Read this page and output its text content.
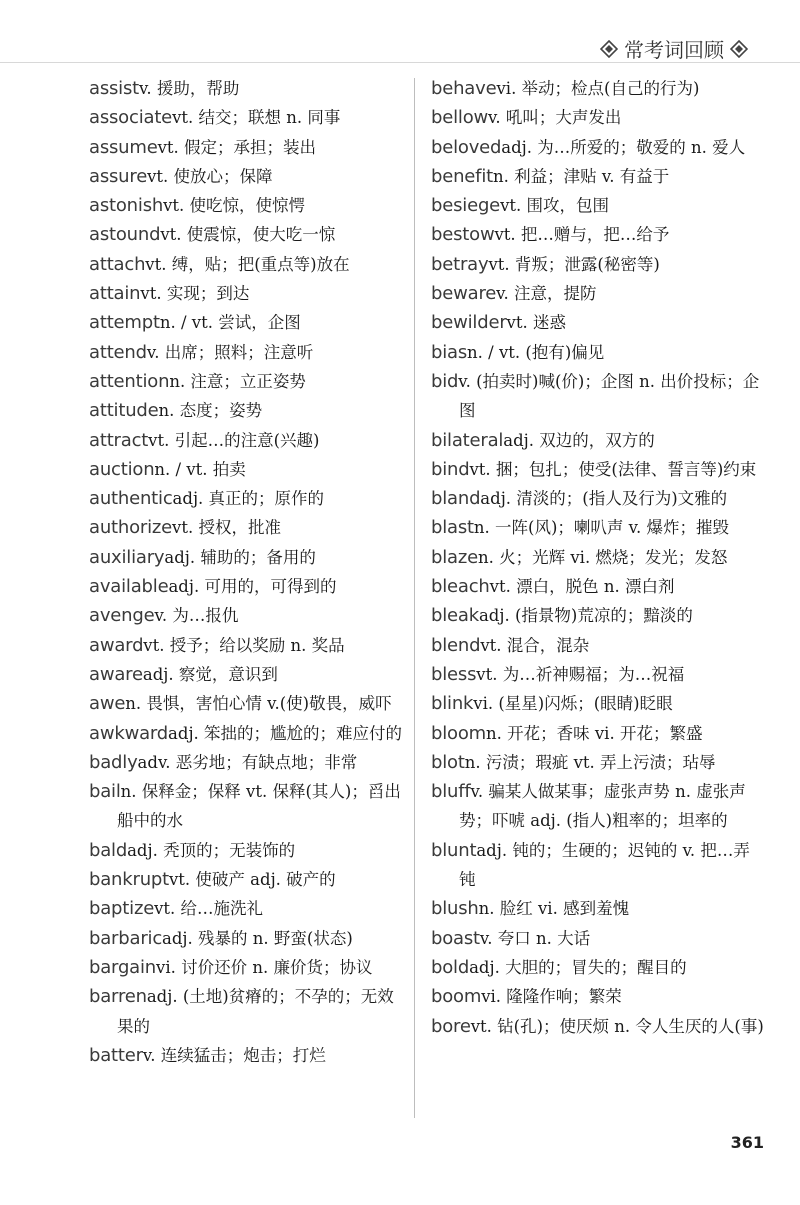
常考词回顾
assistv. 援助，帮助
associatevt. 结交；联想 n. 同事
assumevt. 假定；承担；装出
assurevt. 使放心；保障
astonishvt. 使吃惊，使惊愕
astoundvt. 使震惊，使大吃一惊
attachvt. 缚，贴；把(重点等)放在
attainvt. 实现；到达
attemptn. / vt. 尝试，企图
attendv. 出席；照料；注意听
attentionn. 注意；立正姿势
attituden. 态度；姿势
attractvt. 引起…的注意(兴趣)
auctionn. / vt. 拍卖
authenticadj. 真正的；原作的
authorizevt. 授权，批准
auxiliaryadj. 辅助的；备用的
availableadj. 可用的，可得到的
avengev. 为…报仇
awardvt. 授予；给以奖励 n. 奖品
awareadj. 察觉，意识到
awen. 畏惧，害怕心情 v.(使)敬畏，威吓
awkwardadj. 笨拙的；尴尬的；难应付的
badlyadv. 恶劣地；有缺点地；非常
bailn. 保释金；保释 vt. 保释(其人)；舀出船中的水
baldadj. 秃顶的；无装饰的
bankruptvt. 使破产 adj. 破产的
baptizevt. 给…施洗礼
barbaricadj. 残暴的 n. 野蛮(状态)
bargainvi. 讨价还价 n. 廉价货；协议
barrenadj. (土地)贫瘠的；不孕的；无效果的
batterv. 连续猛击；炮击；打烂
behavevi. 举动；检点(自己的行为)
bellowv. 吼叫；大声发出
belovedadj. 为…所爱的；敬爱的 n. 爱人
benefitn. 利益；津贴 v. 有益于
besiegevt. 围攻，包围
bestowvt. 把…赠与，把…给予
betrayvt. 背叛；泄露(秘密等)
bewarev. 注意，提防
bewildervt. 迷惑
biasn. / vt. (抱有)偏见
bidv. (拍卖时)喊(价)；企图 n. 出价投标；企图
bilateraladj. 双边的，双方的
bindvt. 捆；包扎；使受(法律、誓言等)约束
blandadj. 清淡的；(指人及行为)文雅的
blastn. 一阵(风)；喇叭声 v. 爆炸；摧毁
blazen. 火；光辉 vi. 燃烧；发光；发怒
bleachvt. 漂白，脱色 n. 漂白剂
bleakadj. (指景物)荒凉的；黯淡的
blendvt. 混合，混杂
blessvt. 为…祈神赐福；为…祝福
blinkvi. (星星)闪烁；(眼睛)眨眼
bloomn. 开花；香味 vi. 开花；繁盛
blotn. 污渍；瑕疵 vt. 弄上污渍；玷辱
bluffv. 骗某人做某事；虚张声势 n. 虚张声势；吓唬 adj. (指人)粗率的；坦率的
bluntadj. 钝的；生硬的；迟钝的 v. 把…弄钝
blushn. 脸红 vi. 感到羞愧
boastv. 夸口 n. 大话
boldadj. 大胆的；冒失的；醒目的
boomvi. 隆隆作响；繁荣
borevt. 钻(孔)；使厌烦 n. 令人生厌的人(事)
361
